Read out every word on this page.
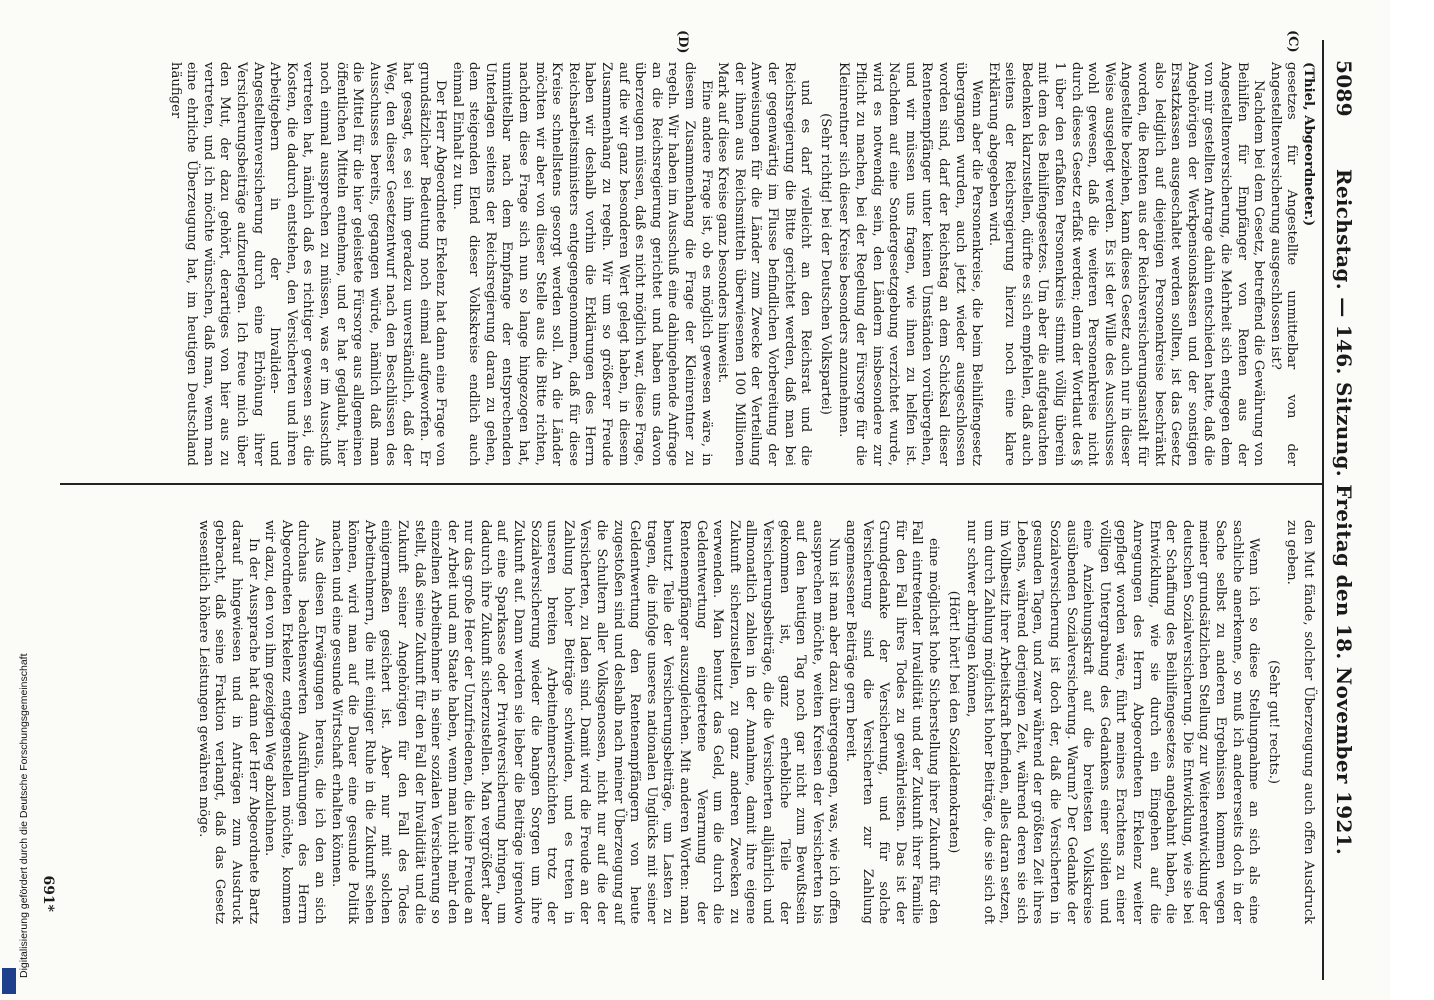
5089
Reichstag. — 146. Sitzung. Freitag den 18. November 1921.
(C)
(D)

(Thiel, Abgeordneter.)

gesetzes für Angestellte unmittelbar von der Angestelltenversicherung ausgeschlossen ist?

Nachdem bei dem Gesetz, betreffend die Gewährung von Beihilfen für Empfänger von Renten aus der Angestelltenversicherung, die Mehrheit sich entgegen dem von mir gestellten Antrage dahin entschieden hatte, daß die Angehörigen der Werkpensionskassen und der sonstigen Ersatzkassen ausgeschaltet werden sollten, ist das Gesetz also lediglich auf diejenigen Personenkreise beschränkt worden, die Renten aus der Reichsversicherungsanstalt für Angestellte beziehen, kann dieses Gesetz auch nur in dieser Weise ausgelegt werden. Es ist der Wille des Ausschusses wohl gewesen, daß die weiteren Personenkreise nicht durch dieses Gesetz erfaßt werden; denn der Wortlaut des § 1 über den erfaßten Personenkreis stimmt völlig überein mit dem des Beihilfengesetzes. Um aber die aufgetauchten Bedenken klarzustellen, dürfte es sich empfehlen, daß auch seitens der Reichsregierung hierzu noch eine klare Erklärung abgegeben wird.

Wenn aber die Personenkreise, die beim Beihilfengesetz übergangen wurden, auch jetzt wieder ausgeschlossen worden sind, darf der Reichstag an dem Schicksal dieser Rentenempfänger unter keinen Umständen vorübergehen, und wir müssen uns fragen, wie ihnen zu helfen ist. Nachdem auf eine Sondergesetzgebung verzichtet wurde, wird es notwendig sein, den Ländern insbesondere zur Pflicht zu machen, bei der Regelung der Fürsorge für die Kleinrentner sich dieser Kreise besonders anzunehmen.

(Sehr richtig! bei der Deutschen Volkspartei)

und es darf vielleicht an den Reichsrat und die Reichsregierung die Bitte gerichtet werden, daß man bei der gegenwärtig im Flusse befindlichen Vorbereitung der Anweisungen für die Länder zum Zwecke der Verteilung der ihnen aus Reichsmitteln überwiesenen 100 Millionen Mark auf diese Kreise ganz besonders hinweist.

Eine andere Frage ist, ob es möglich gewesen wäre, in diesem Zusammenhang die Frage der Kleinrentner zu regeln. Wir haben im Ausschuß eine dahingehende Anfrage an die Reichsregierung gerichtet und haben uns davon überzeugen müssen, daß es nicht möglich war, diese Frage, auf die wir ganz besonderen Wert gelegt haben, in diesem Zusammenhang zu regeln. Wir um so größerer Freude haben wir deshalb vorhin die Erklärungen des Herrn Reichsarbeitsministers entgegengenommen, daß für diese Kreise schnellstens gesorgt werden soll. An die Länder möchten wir aber von dieser Stelle aus die Bitte richten, nachdem diese Frage sich nun so lange hingezogen hat, unmittelbar nach dem Empfange der entsprechenden Unterlagen seitens der Reichsregierung daran zu gehen, dem steigenden Elend dieser Volkskreise endlich auch einmal Einhalt zu tun.

Der Herr Abgeordnete Erkelenz hat dann eine Frage von grundsätzlicher Bedeutung noch einmal aufgeworfen. Er hat gesagt, es sei ihm geradezu unverständlich, daß der Weg, den dieser Gesetzentwurf nach den Beschlüssen des Ausschusses bereits, gegangen würde, nämlich daß man die Mittel für die hier geleistete Fürsorge aus allgemeinen öffentlichen Mitteln entnehme, und er hat geglaubt, hier noch einmal aussprechen zu müssen, was er im Ausschuß vertreten hat, nämlich daß es richtiger gewesen sei, die Kosten, die dadurch entstehen, den Versicherten und ihren Arbeitgebern in der Invaliden- und Angestelltenversicherung durch eine Erhöhung ihrer Versicherungsbeiträge aufzuerlegen. Ich freue mich über den Mut, der dazu gehört, derartiges von hier aus zu vertreten, und ich möchte wünschen, daß man, wenn man eine ehrliche Überzeugung hat, im heutigen Deutschland häufiger

den Mut fände, solcher Überzeugung auch offen Ausdruck zu geben.

(Sehr gut! rechts.)

Wenn ich so diese Stellungnahme an sich als eine sachliche anerkenne, so muß ich andererseits doch in der Sache selbst zu anderen Ergebnissen kommen wegen meiner grundsätzlichen Stellung zur Weiterentwicklung der deutschen Sozialversicherung. Die Entwicklung, wie sie bei der Schaffung des Beihilfengesetzes angebahnt haben, die Entwicklung, wie sie durch ein Eingehen auf die Anregungen des Herrn Abgeordneten Erkelenz weiter gepflegt worden wäre, führt meines Erachtens zu einer völligen Untergrabung des Gedankens einer soliden und eine Anziehungskraft auf die breitesten Volkskreise ausübenden Sozialversicherung. Warum? Der Gedanke der Sozialversicherung ist doch der, daß die Versicherten in gesunden Tagen, und zwar während der größten Zeit ihres Lebens, während derjenigen Zeit, während deren sie sich im Vollbesitz ihrer Arbeitskraft befinden, alles daran setzen, um durch Zahlung möglichst hoher Beiträge, die sie sich oft nur schwer abringen können,

(Hört! hört! bei den Sozialdemokraten)

eine möglichst hohe Sicherstellung ihrer Zukunft für den Fall eintretender Invalidität und der Zukunft ihrer Familie für den Fall ihres Todes zu gewährleisten. Das ist der Grundgedanke der Versicherung, und für solche Versicherung sind die Versicherten zur Zahlung angemessener Beiträge gern bereit.

Nun ist man aber dazu übergegangen, was, wie ich offen aussprechen möchte, weiten Kreisen der Versicherten bis auf den heutigen Tag noch gar nicht zum Bewußtsein gekommen ist, ganz erhebliche Teile der Versicherungsbeiträge, die die Versicherten alljährlich und allmonatlich zahlen in der Annahme, damit ihre eigene Zukunft sicherzustellen, zu ganz anderen Zwecken zu verwenden. Man benutzt das Geld, um die durch die Geldentwertung eingetretene Verarmung der Rentenempfänger auszugleichen. Mit anderen Worten: man benutzt Teile der Versicherungsbeiträge, um Lasten zu tragen, die infolge unseres nationalen Unglücks mit seiner Geldentwertung den Rentenempfängern von heute zugestoßen sind und deshalb nach meiner Überzeugung auf die Schultern aller Volksgenossen, nicht nur auf die der Versicherten, zu laden sind. Damit wird die Freude an der Zahlung hoher Beiträge schwinden, und es treten in unseren breiten Arbeitnehmerschichten trotz der Sozialversicherung wieder die bangen Sorgen um ihre Zukunft auf. Dann werden sie lieber die Beiträge irgendwo auf eine Sparkasse oder Privatversicherung bringen, um dadurch ihre Zukunft sicherzustellen. Man vergrößert aber nur das große Heer der Unzufriedenen, die keine Freude an der Arbeit und am Staate haben, wenn man nicht mehr den einzelnen Arbeitnehmer in seiner sozialen Versicherung so stellt, daß seine Zukunft für den Fall der Invalidität und die Zukunft seiner Angehörigen für den Fall des Todes einigermaßen gesichert ist. Aber nur mit solchen Arbeitnehmern, die mit einiger Ruhe in die Zukunft sehen können, wird man auf die Dauer eine gesunde Politik machen und eine gesunde Wirtschaft erhalten können.

Aus diesen Erwägungen heraus, die ich den an sich durchaus beachtenswerten Ausführungen des Herrn Abgeordneten Erkelenz entgegenstellen möchte, kommen wir dazu, den von ihm gezeigten Weg abzulehnen.

In der Aussprache hat dann der Herr Abgeordnete Bartz darauf hingewiesen und in Anträgen zum Ausdruck gebracht, daß seine Fraktion verlangt, daß das Gesetz wesentlich höhere Leistungen gewähren möge.

691*
Digitalisierung gefördert durch die Deutsche Forschungsgemeinschaft
